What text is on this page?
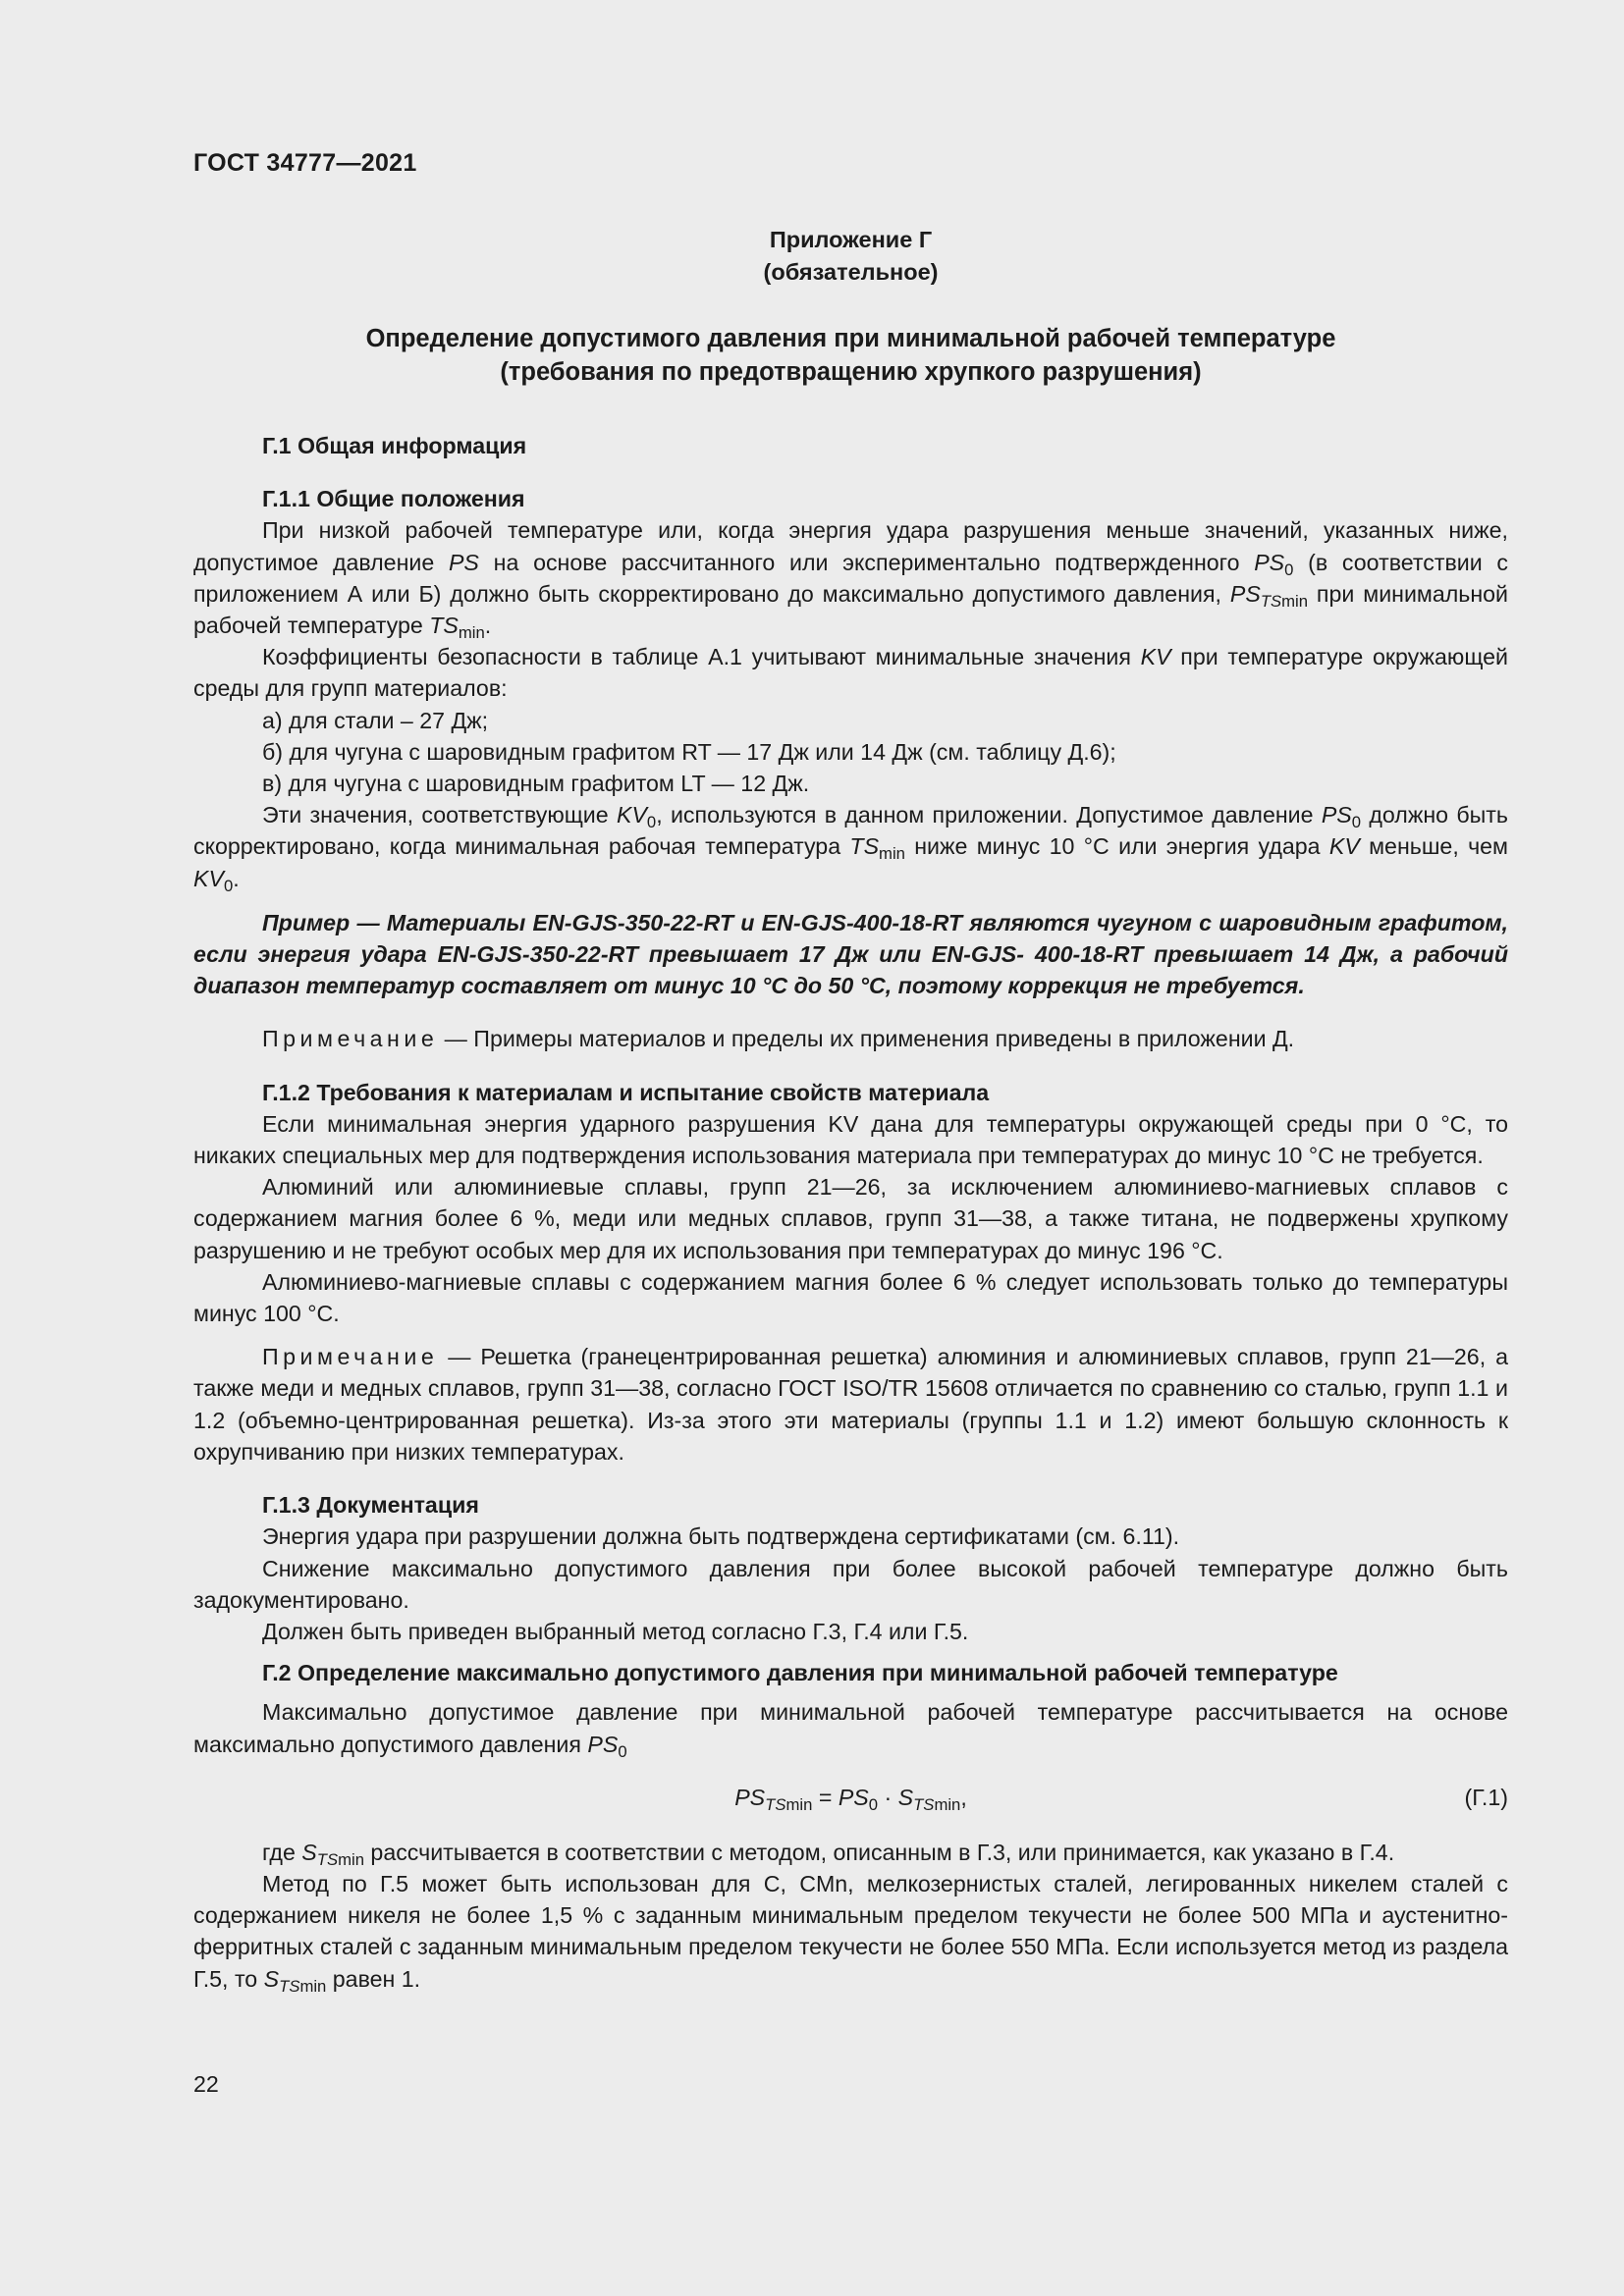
ГОСТ 34777—2021
Приложение Г
(обязательное)
Определение допустимого давления при минимальной рабочей температуре
(требования по предотвращению хрупкого разрушения)
Г.1 Общая информация
Г.1.1 Общие положения

При низкой рабочей температуре или, когда энергия удара разрушения меньше значений, указанных ниже, допустимое давление PS на основе рассчитанного или экспериментально подтвержденного $PS_0$ (в соответствии с приложением А или Б) должно быть скорректировано до максимально допустимого давления, $PS_{TSmin}$ при минимальной рабочей температуре $TS_{min}$.

Коэффициенты безопасности в таблице А.1 учитывают минимальные значения KV при температуре окружающей среды для групп материалов:

а) для стали – 27 Дж;
б) для чугуна с шаровидным графитом RT — 17 Дж или 14 Дж (см. таблицу Д.6);
в) для чугуна с шаровидным графитом LT — 12 Дж.

Эти значения, соответствующие $KV_0$, используются в данном приложении. Допустимое давление $PS_0$ должно быть скорректировано, когда минимальная рабочая температура $TS_{min}$ ниже минус 10 °С или энергия удара KV меньше, чем $KV_0$.

Пример — Материалы EN-GJS-350-22-RT и EN-GJS-400-18-RT являются чугуном с шаровидным графитом, если энергия удара EN-GJS-350-22-RT превышает 17 Дж или EN-GJS- 400-18-RT превышает 14 Дж, а рабочий диапазон температур составляет от минус 10 °С до 50 °С, поэтому коррекция не требуется.

Примечание — Примеры материалов и пределы их применения приведены в приложении Д.

Г.1.2 Требования к материалам и испытание свойств материала

Если минимальная энергия ударного разрушения KV дана для температуры окружающей среды при 0 °С, то никаких специальных мер для подтверждения использования материала при температурах до минус 10 °С не требуется.

Алюминий или алюминиевые сплавы, групп 21—26, за исключением алюминиево-магниевых сплавов с содержанием магния более 6 %, меди или медных сплавов, групп 31—38, а также титана, не подвержены хрупкому разрушению и не требуют особых мер для их использования при температурах до минус 196 °С.

Алюминиево-магниевые сплавы с содержанием магния более 6 % следует использовать только до температуры минус 100 °С.

Примечание — Решетка (гранецентрированная решетка) алюминия и алюминиевых сплавов, групп 21—26, а также меди и медных сплавов, групп 31—38, согласно ГОСТ ISO/TR 15608 отличается по сравнению со сталью, групп 1.1 и 1.2 (объемно-центрированная решетка). Из-за этого эти материалы (группы 1.1 и 1.2) имеют большую склонность к охрупчиванию при низких температурах.

Г.1.3 Документация

Энергия удара при разрушении должна быть подтверждена сертификатами (см. 6.11).

Снижение максимально допустимого давления при более высокой рабочей температуре должно быть задокументировано.

Должен быть приведен выбранный метод согласно Г.3, Г.4 или Г.5.

Г.2 Определение максимально допустимого давления при минимальной рабочей температуре

Максимально допустимое давление при минимальной рабочей температуре рассчитывается на основе максимально допустимого давления $PS_0$

$PS_{TSmin} = PS_0 \cdot S_{TSmin}$,	(Г.1)

где $S_{TSmin}$ рассчитывается в соответствии с методом, описанным в Г.3, или принимается, как указано в Г.4.

Метод по Г.5 может быть использован для С, CMn, мелкозернистых сталей, легированных никелем сталей с содержанием никеля не более 1,5 % с заданным минимальным пределом текучести не более 500 МПа и аустенитно-ферритных сталей с заданным минимальным пределом текучести не более 550 МПа. Если используется метод из раздела Г.5, то $S_{TSmin}$ равен 1.

22
